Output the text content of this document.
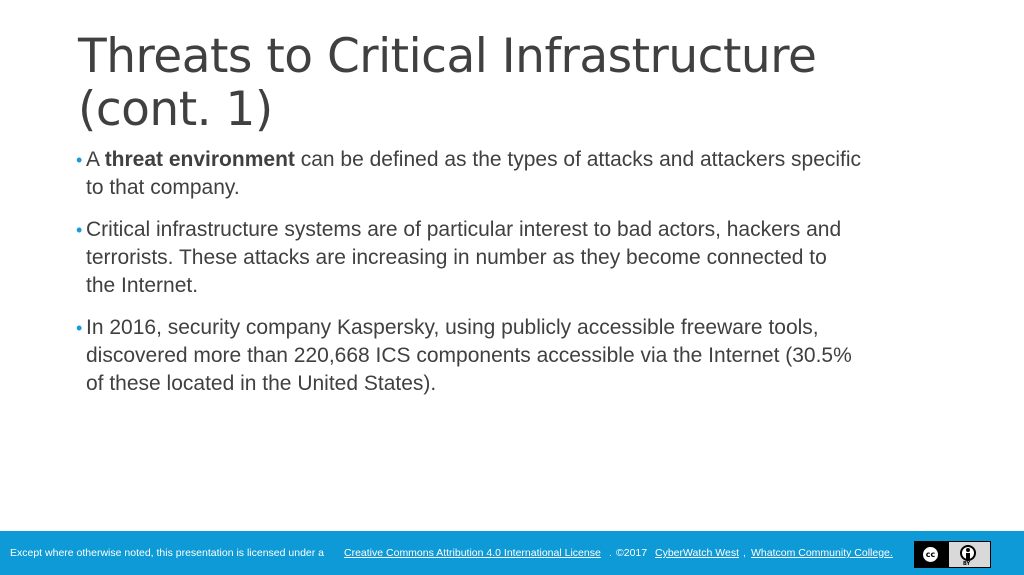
Threats to Critical Infrastructure
(cont. 1)
• A threat environment can be defined as the types of attacks and attackers specific
to that company.
• Critical infrastructure systems are of particular interest to bad actors, hackers and
terrorists. These attacks are increasing in number as they become connected to
the Internet.
• In 2016, security company Kaspersky, using publicly accessible freeware tools,
discovered more than 220,668 ICS components accessible via the Internet (30.5%
of these located in the United States).
Except where otherwise noted, this presentation is licensed under a Creative Commons Attribution 4.0 International License . ©2017 CyberWatch West , Whatcom Community College.	cc
BY
